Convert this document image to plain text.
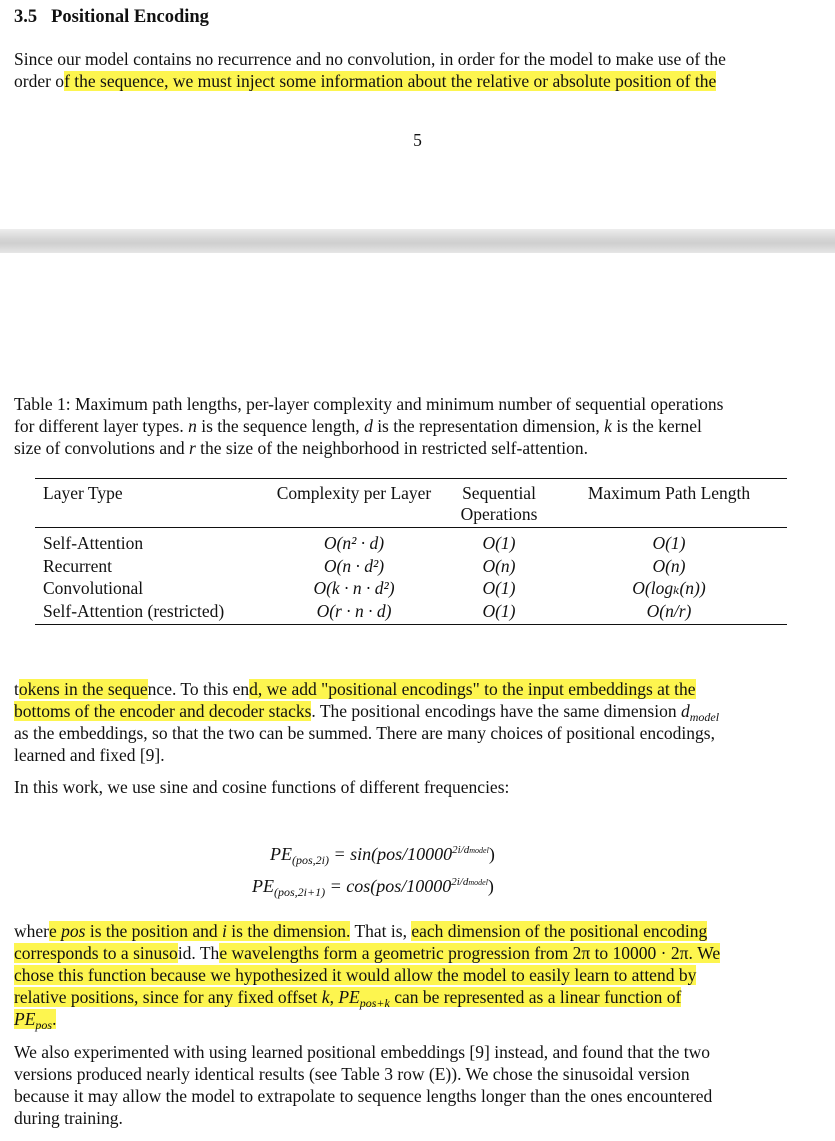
3.5 Positional Encoding
Since our model contains no recurrence and no convolution, in order for the model to make use of the
order of the sequence, we must inject some information about the relative or absolute position of the
5
Table 1: Maximum path lengths, per-layer complexity and minimum number of sequential operations
for different layer types. n is the sequence length, d is the representation dimension, k is the kernel
size of convolutions and r the size of the neighborhood in restricted self-attention.
Layer Type	Complexity per Layer	Sequential Operations	Maximum Path Length
Self-Attention	O(n² · d)	O(1)	O(1)
Recurrent	O(n · d²)	O(n)	O(n)
Convolutional	O(k · n · d²)	O(1)	O(logₖ(n))
Self-Attention (restricted)	O(r · n · d)	O(1)	O(n/r)
tokens in the sequence. To this end, we add "positional encodings" to the input embeddings at the
bottoms of the encoder and decoder stacks. The positional encodings have the same dimension $d_{model}$
as the embeddings, so that the two can be summed. There are many choices of positional encodings,
learned and fixed [9].
In this work, we use sine and cosine functions of different frequencies:
$PE_{(pos,2i)} = \sin(pos/10000^{2i/dmodel})$
$PE_{(pos,2i+1)} = \cos(pos/10000^{2i/dmodel})$
where pos is the position and i is the dimension. That is, each dimension of the positional encoding
corresponds to a sinusoid. The wavelengths form a geometric progression from 2π to 10000 · 2π. We
chose this function because we hypothesized it would allow the model to easily learn to attend by
relative positions, since for any fixed offset k, $PE_{pos+k}$ can be represented as a linear function of
$PE_{pos}$.
We also experimented with using learned positional embeddings [9] instead, and found that the two
versions produced nearly identical results (see Table 3 row (E)). We chose the sinusoidal version
because it may allow the model to extrapolate to sequence lengths longer than the ones encountered
during training.
